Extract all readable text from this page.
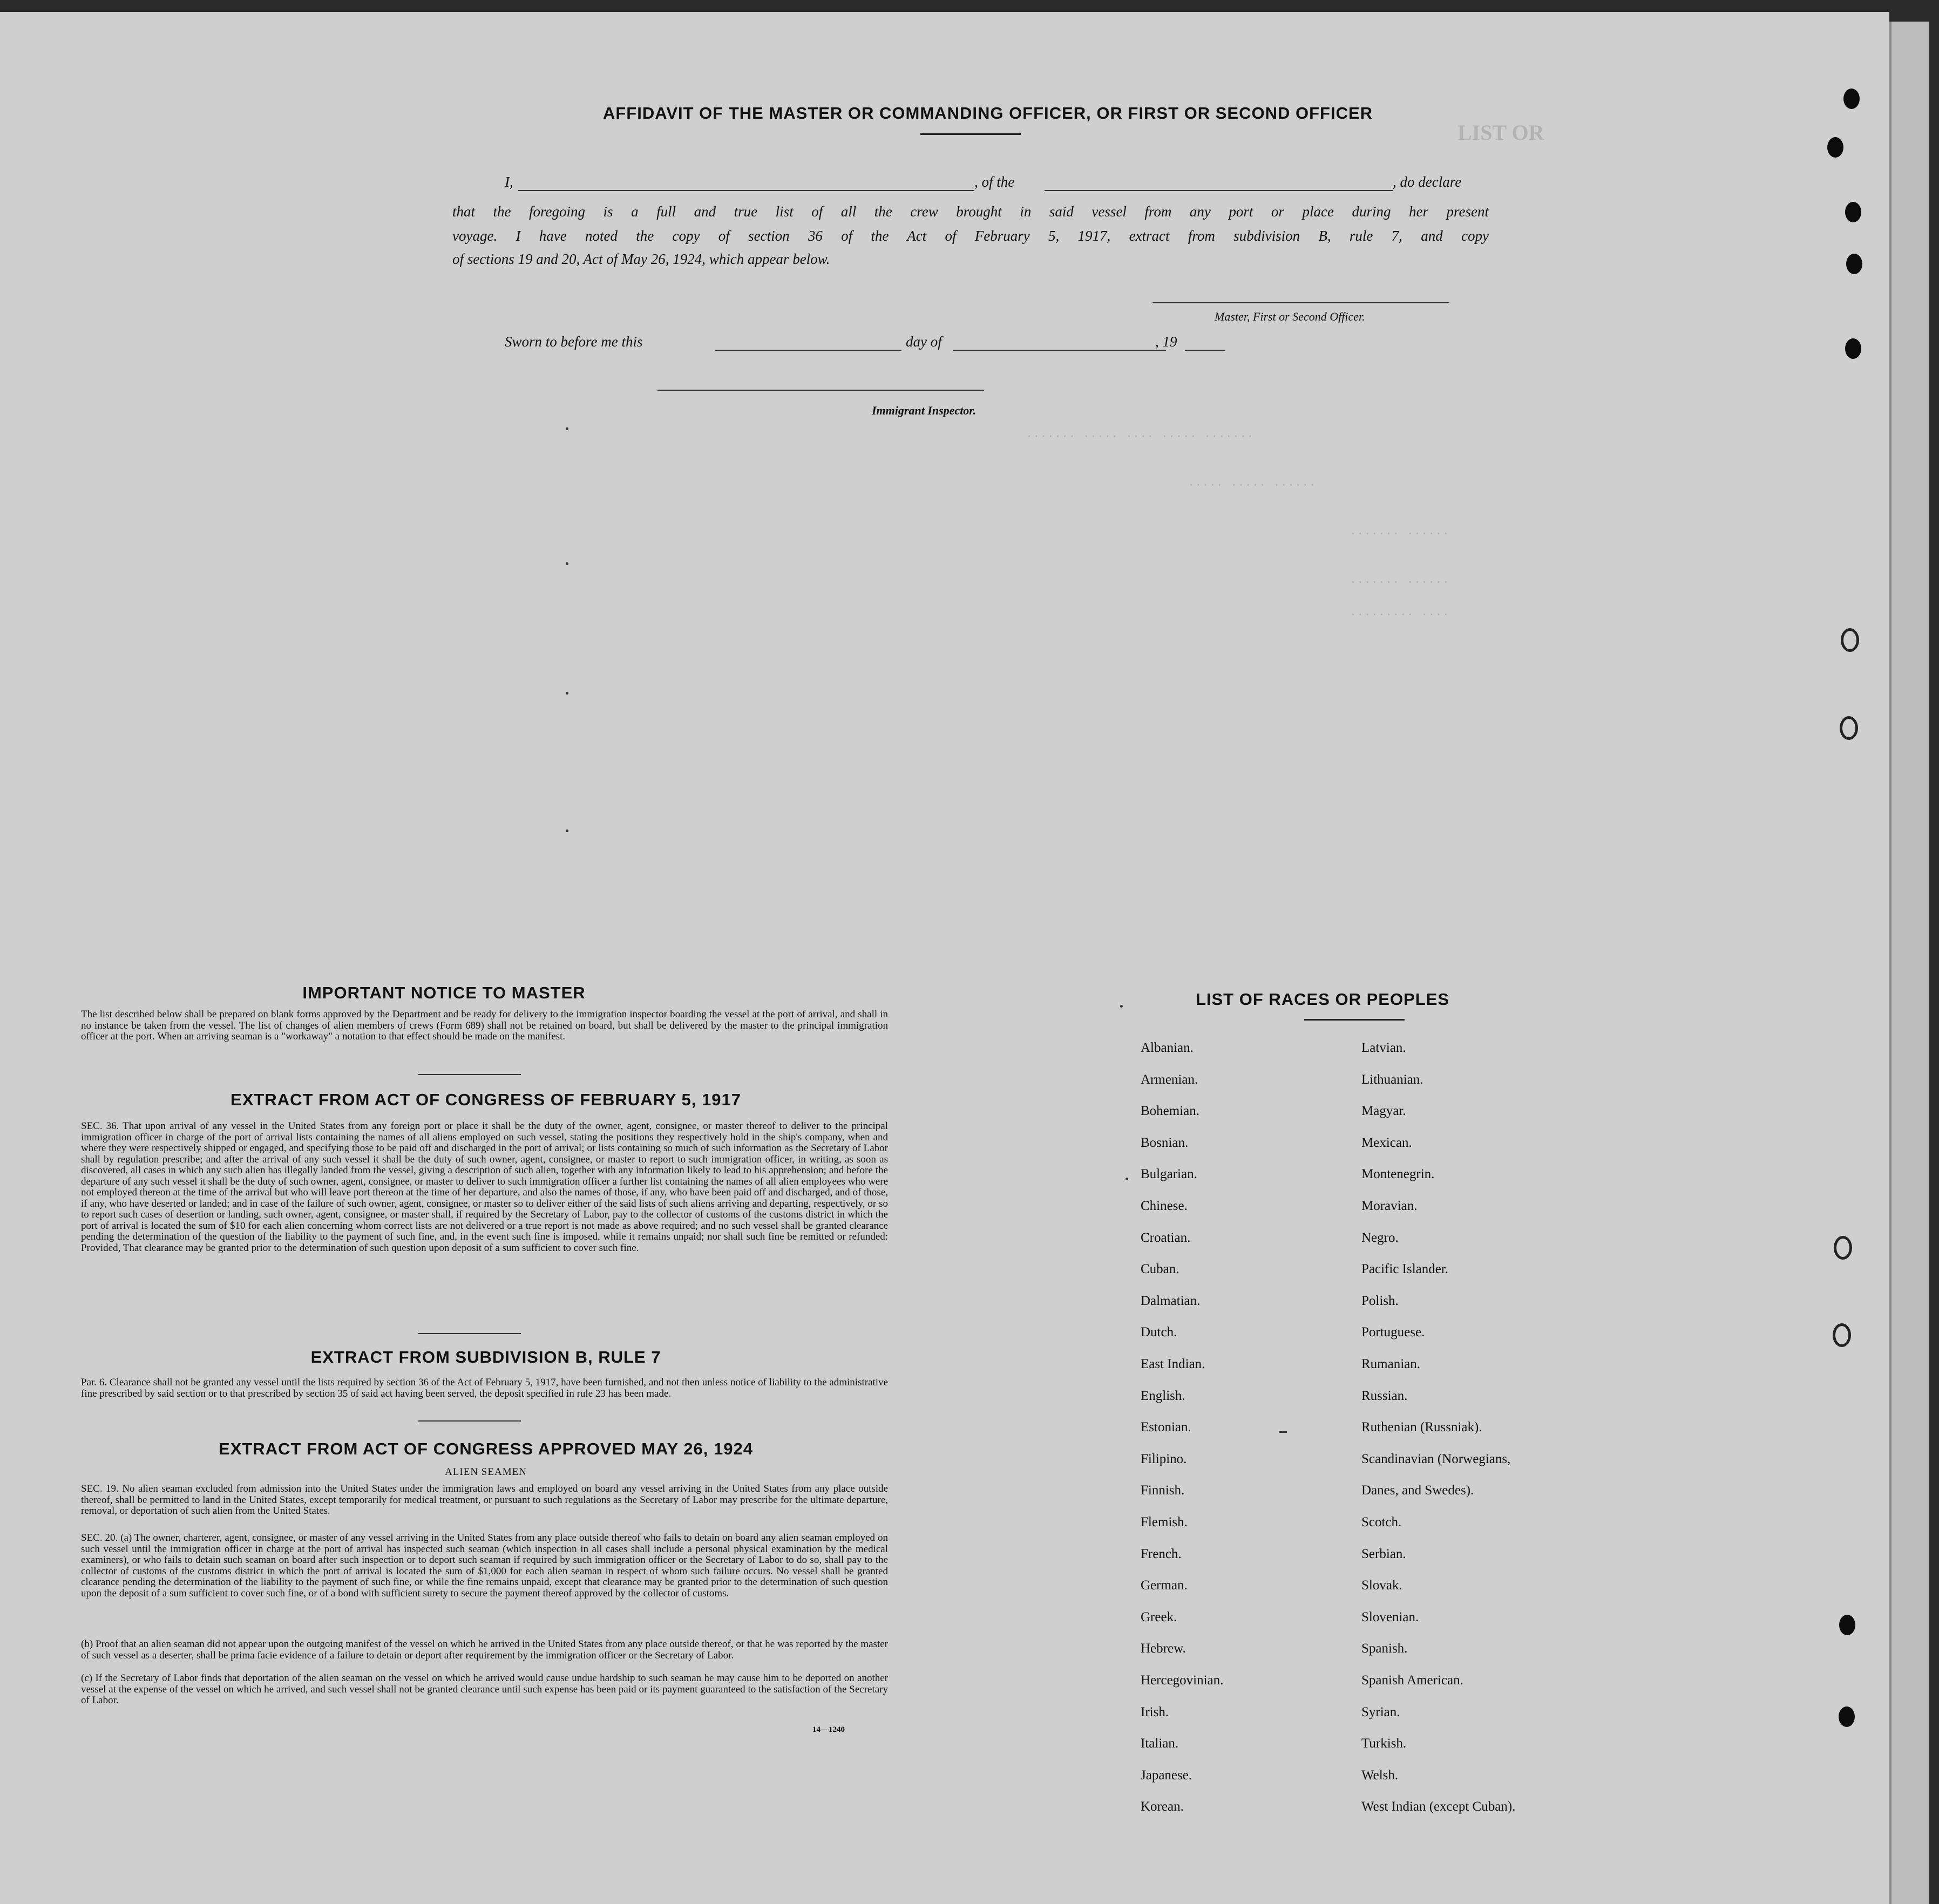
LIST OR
....... ..... .... ..... .......
..... ..... ......
....... ......
....... ......
......... ....
AFFIDAVIT OF THE MASTER OR COMMANDING OFFICER, OR FIRST OR SECOND OFFICER
I,	, of the	, do declare
that the foregoing is a full and true list of all the crew brought in said vessel from any port or place during her present
voyage. I have noted the copy of section 36 of the Act of February 5, 1917, extract from subdivision B, rule 7, and copy
of sections 19 and 20, Act of May 26, 1924, which appear below.
Master, First or Second Officer.
Sworn to before me this	day of	, 19
Immigrant Inspector.
IMPORTANT NOTICE TO MASTER
The list described below shall be prepared on blank forms approved by the Department and be ready for delivery to the immigration inspector boarding the vessel at the port of arrival, and shall in no instance be taken from the vessel. The list of changes of alien members of crews (Form 689) shall not be retained on board, but shall be delivered by the master to the principal immigration officer at the port. When an arriving seaman is a "workaway" a notation to that effect should be made on the manifest.
EXTRACT FROM ACT OF CONGRESS OF FEBRUARY 5, 1917
SEC. 36. That upon arrival of any vessel in the United States from any foreign port or place it shall be the duty of the owner, agent, consignee, or master thereof to deliver to the principal immigration officer in charge of the port of arrival lists containing the names of all aliens employed on such vessel, stating the positions they respectively hold in the ship's company, when and where they were respectively shipped or engaged, and specifying those to be paid off and discharged in the port of arrival; or lists containing so much of such information as the Secretary of Labor shall by regulation prescribe; and after the arrival of any such vessel it shall be the duty of such owner, agent, consignee, or master to report to such immigration officer, in writing, as soon as discovered, all cases in which any such alien has illegally landed from the vessel, giving a description of such alien, together with any information likely to lead to his apprehension; and before the departure of any such vessel it shall be the duty of such owner, agent, consignee, or master to deliver to such immigration officer a further list containing the names of all alien employees who were not employed thereon at the time of the arrival but who will leave port thereon at the time of her departure, and also the names of those, if any, who have been paid off and discharged, and of those, if any, who have deserted or landed; and in case of the failure of such owner, agent, consignee, or master so to deliver either of the said lists of such aliens arriving and departing, respectively, or so to report such cases of desertion or landing, such owner, agent, consignee, or master shall, if required by the Secretary of Labor, pay to the collector of customs of the customs district in which the port of arrival is located the sum of $10 for each alien concerning whom correct lists are not delivered or a true report is not made as above required; and no such vessel shall be granted clearance pending the determination of the question of the liability to the payment of such fine, and, in the event such fine is imposed, while it remains unpaid; nor shall such fine be remitted or refunded: Provided, That clearance may be granted prior to the determination of such question upon deposit of a sum sufficient to cover such fine.
EXTRACT FROM SUBDIVISION B, RULE 7
Par. 6. Clearance shall not be granted any vessel until the lists required by section 36 of the Act of February 5, 1917, have been furnished, and not then unless notice of liability to the administrative fine prescribed by said section or to that prescribed by section 35 of said act having been served, the deposit specified in rule 23 has been made.
EXTRACT FROM ACT OF CONGRESS APPROVED MAY 26, 1924
ALIEN SEAMEN
SEC. 19. No alien seaman excluded from admission into the United States under the immigration laws and employed on board any vessel arriving in the United States from any place outside thereof, shall be permitted to land in the United States, except temporarily for medical treatment, or pursuant to such regulations as the Secretary of Labor may prescribe for the ultimate departure, removal, or deportation of such alien from the United States.
SEC. 20. (a) The owner, charterer, agent, consignee, or master of any vessel arriving in the United States from any place outside thereof who fails to detain on board any alien seaman employed on such vessel until the immigration officer in charge at the port of arrival has inspected such seaman (which inspection in all cases shall include a personal physical examination by the medical examiners), or who fails to detain such seaman on board after such inspection or to deport such seaman if required by such immigration officer or the Secretary of Labor to do so, shall pay to the collector of customs of the customs district in which the port of arrival is located the sum of $1,000 for each alien seaman in respect of whom such failure occurs. No vessel shall be granted clearance pending the determination of the liability to the payment of such fine, or while the fine remains unpaid, except that clearance may be granted prior to the determination of such question upon the deposit of a sum sufficient to cover such fine, or of a bond with sufficient surety to secure the payment thereof approved by the collector of customs.
(b) Proof that an alien seaman did not appear upon the outgoing manifest of the vessel on which he arrived in the United States from any place outside thereof, or that he was reported by the master of such vessel as a deserter, shall be prima facie evidence of a failure to detain or deport after requirement by the immigration officer or the Secretary of Labor.
(c) If the Secretary of Labor finds that deportation of the alien seaman on the vessel on which he arrived would cause undue hardship to such seaman he may cause him to be deported on another vessel at the expense of the vessel on which he arrived, and such vessel shall not be granted clearance until such expense has been paid or its payment guaranteed to the satisfaction of the Secretary of Labor.
14—1240
LIST OF RACES OR PEOPLES
Danes, and Swedes).
Albanian.
Armenian.
Bohemian.
Bosnian.
Bulgarian.
Chinese.
Croatian.
Cuban.
Dalmatian.
Dutch.
East Indian.
English.
Estonian.
Filipino.
Finnish.
Flemish.
French.
German.
Greek.
Hebrew.
Hercegovinian.
Irish.
Italian.
Japanese.
Korean.
Latvian.
Lithuanian.
Magyar.
Mexican.
Montenegrin.
Moravian.
Negro.
Pacific Islander.
Polish.
Portuguese.
Rumanian.
Russian.
Ruthenian (Russniak).
Scandinavian (Norwegians,
Scotch.
Serbian.
Slovak.
Slovenian.
Spanish.
Spanish American.
Syrian.
Turkish.
Welsh.
West Indian (except Cuban).
